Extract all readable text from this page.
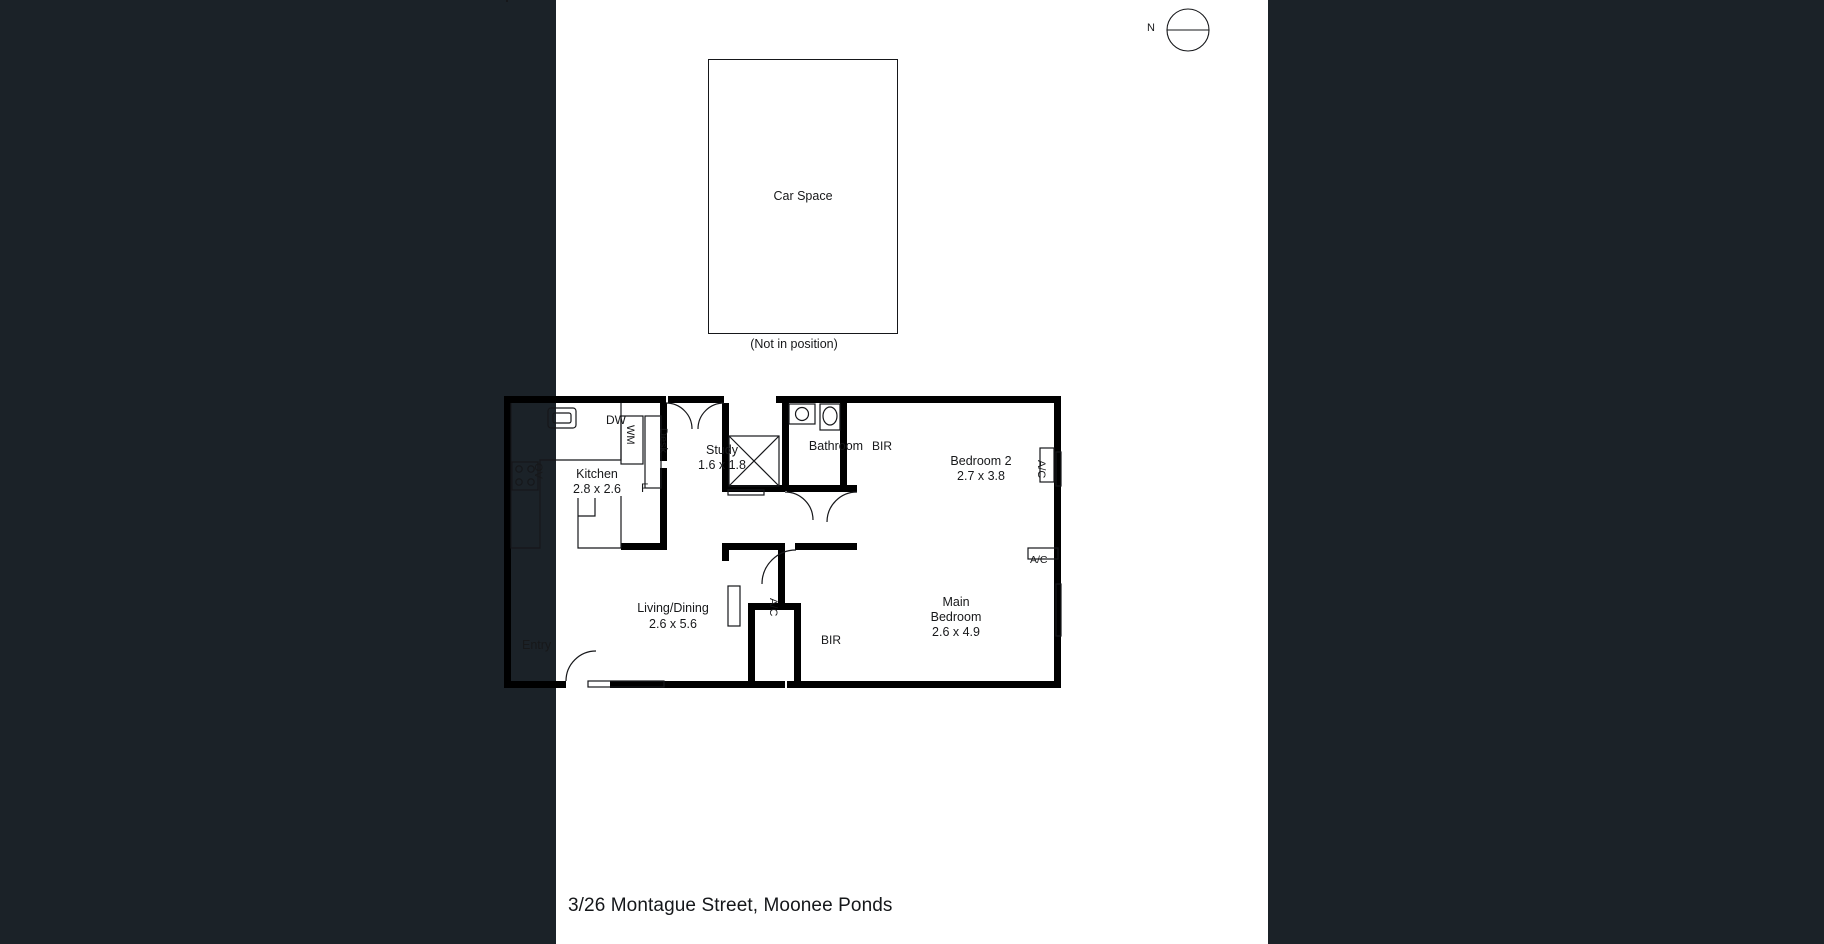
N
Car Space
(Not in position)
Kitchen
2.8 x 2.6
Study
1.6 x 1.8
Bathroom
Bedroom 2
2.7 x 3.8
Living/Dining
2.6 x 5.6
Main
Bedroom
2.6 x 4.9
DW
F
BIR
BIR
Entry
A/C
WM Desk
OV
A/C
A/C
3/26 Montague Street, Moonee Ponds
